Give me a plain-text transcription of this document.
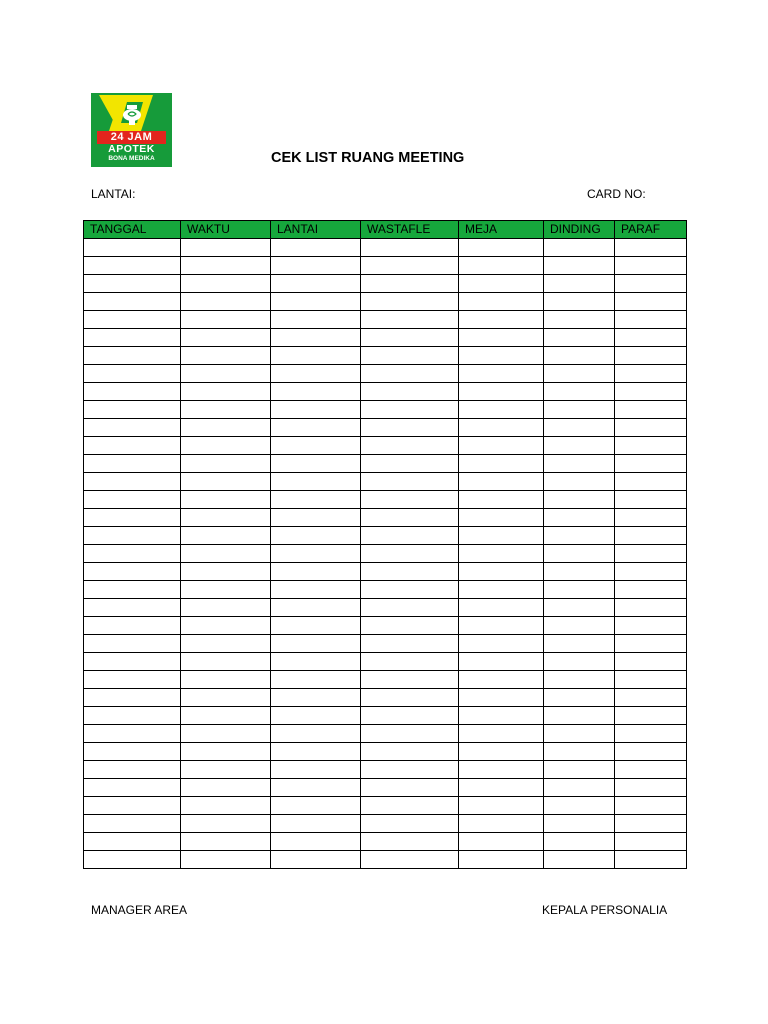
24 JAM
APOTEK
BONA MEDIKA	CEK LIST RUANG MEETING
LANTAI:	CARD NO:
TANGGAL	WAKTU	LANTAI	WASTAFLE	MEJA	DINDING	PARAF

MANAGER AREA	KEPALA PERSONALIA
